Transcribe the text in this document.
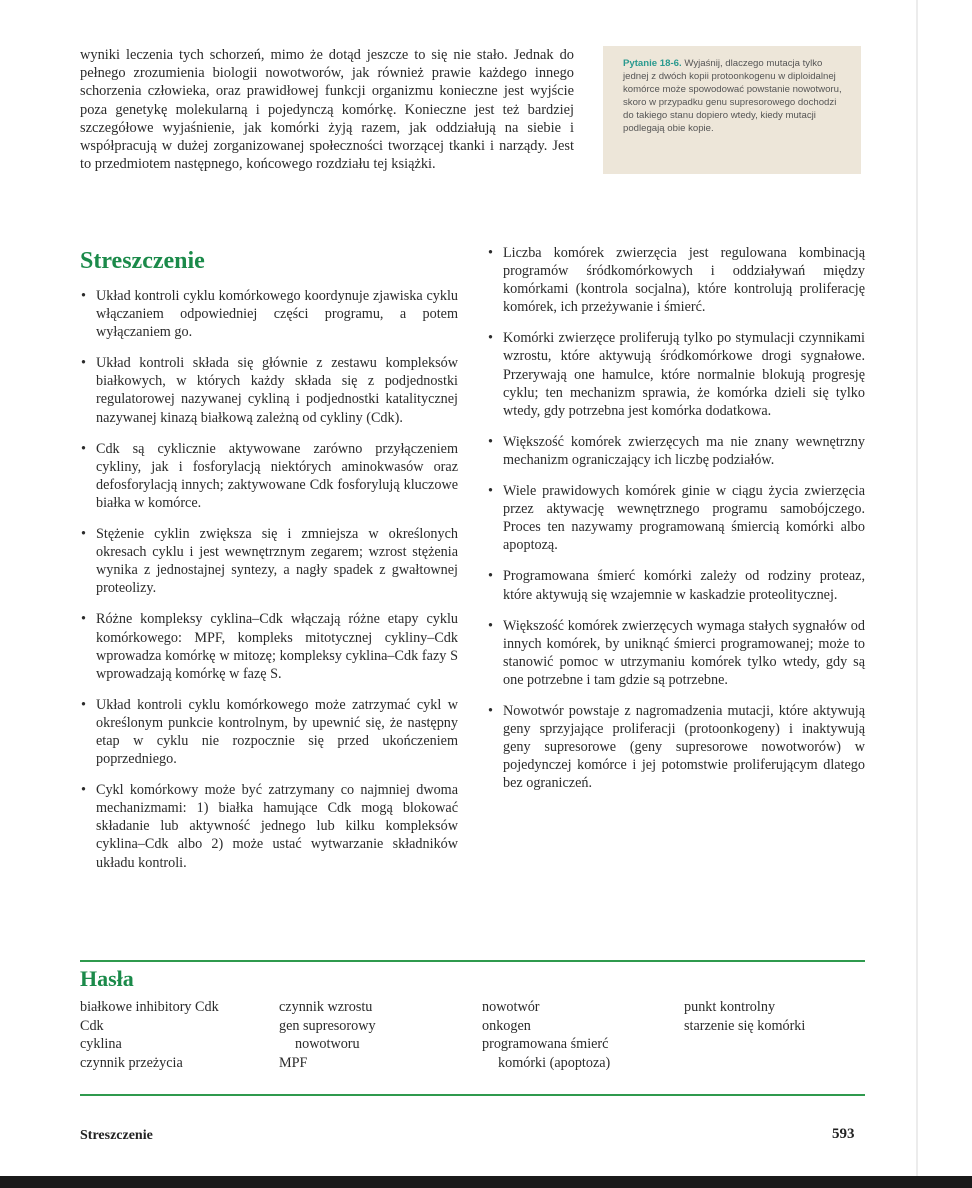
wyniki leczenia tych schorzeń, mimo że dotąd jeszcze to się nie stało. Jednak do pełnego zrozumienia biologii nowotworów, jak również prawie każdego innego schorzenia człowieka, oraz prawidłowej funkcji organizmu konieczne jest wyjście poza genetykę molekularną i pojedynczą komórkę. Konieczne jest też bardziej szczegółowe wyjaśnienie, jak komórki żyją razem, jak oddziałują na siebie i współpracują w dużej zorganizowanej społeczności tworzącej tkanki i narządy. Jest to przedmiotem następnego, końcowego rozdziału tej książki.

Pytanie 18-6. Wyjaśnij, dlaczego mutacja tylko jednej z dwóch kopii protoonkogenu w diploidalnej komórce może spowodować powstanie nowotworu, skoro w przypadku genu supresorowego dochodzi do takiego stanu dopiero wtedy, kiedy mutacji podlegają obie kopie.
Streszczenie
• Układ kontroli cyklu komórkowego koordynuje zjawiska cyklu włączaniem odpowiedniej części programu, a potem wyłączaniem go.
• Układ kontroli składa się głównie z zestawu kompleksów białkowych, w których każdy składa się z podjednostki regulatorowej nazywanej cykliną i podjednostki katalitycznej nazywanej kinazą białkową zależną od cykliny (Cdk).
• Cdk są cyklicznie aktywowane zarówno przyłączeniem cykliny, jak i fosforylacją niektórych aminokwasów oraz defosforylacją innych; zaktywowane Cdk fosforylują kluczowe białka w komórce.
• Stężenie cyklin zwiększa się i zmniejsza w określonych okresach cyklu i jest wewnętrznym zegarem; wzrost stężenia wynika z jednostajnej syntezy, a nagły spadek z gwałtownej proteolizy.
• Różne kompleksy cyklina–Cdk włączają różne etapy cyklu komórkowego: MPF, kompleks mitotycznej cykliny–Cdk wprowadza komórkę w mitozę; kompleksy cyklina–Cdk fazy S wprowadzają komórkę w fazę S.
• Układ kontroli cyklu komórkowego może zatrzymać cykl w określonym punkcie kontrolnym, by upewnić się, że następny etap w cyklu nie rozpocznie się przed ukończeniem poprzedniego.
• Cykl komórkowy może być zatrzymany co najmniej dwoma mechanizmami: 1) białka hamujące Cdk mogą blokować składanie lub aktywność jednego lub kilku kompleksów cyklina–Cdk albo 2) może ustać wytwarzanie składników układu kontroli.
• Liczba komórek zwierzęcia jest regulowana kombinacją programów śródkomórkowych i oddziaływań między komórkami (kontrola socjalna), które kontrolują proliferację komórek, ich przeżywanie i śmierć.
• Komórki zwierzęce proliferują tylko po stymulacji czynnikami wzrostu, które aktywują śródkomórkowe drogi sygnałowe. Przerywają one hamulce, które normalnie blokują progresję cyklu; ten mechanizm sprawia, że komórka dzieli się tylko wtedy, gdy potrzebna jest komórka dodatkowa.
• Większość komórek zwierzęcych ma nie znany wewnętrzny mechanizm ograniczający ich liczbę podziałów.
• Wiele prawidowych komórek ginie w ciągu życia zwierzęcia przez aktywację wewnętrznego programu samobójczego. Proces ten nazywamy programowaną śmiercią komórki albo apoptozą.
• Programowana śmierć komórki zależy od rodziny proteaz, które aktywują się wzajemnie w kaskadzie proteolitycznej.
• Większość komórek zwierzęcych wymaga stałych sygnałów od innych komórek, by uniknąć śmierci programowanej; może to stanowić pomoc w utrzymaniu komórek tylko wtedy, gdy są one potrzebne i tam gdzie są potrzebne.
• Nowotwór powstaje z nagromadzenia mutacji, które aktywują geny sprzyjające proliferacji (protoonkogeny) i inaktywują geny supresorowe (geny supresorowe nowotworów) w pojedynczej komórce i jej potomstwie proliferującym dlatego bez ograniczeń.
Hasła
białkowe inhibitory Cdk
Cdk
cyklina
czynnik przeżycia
czynnik wzrostu
gen supresorowy
nowotworu
MPF
nowotwór
onkogen
programowana śmierć
komórki (apoptoza)
punkt kontrolny
starzenie się komórki
Streszczenie	593
